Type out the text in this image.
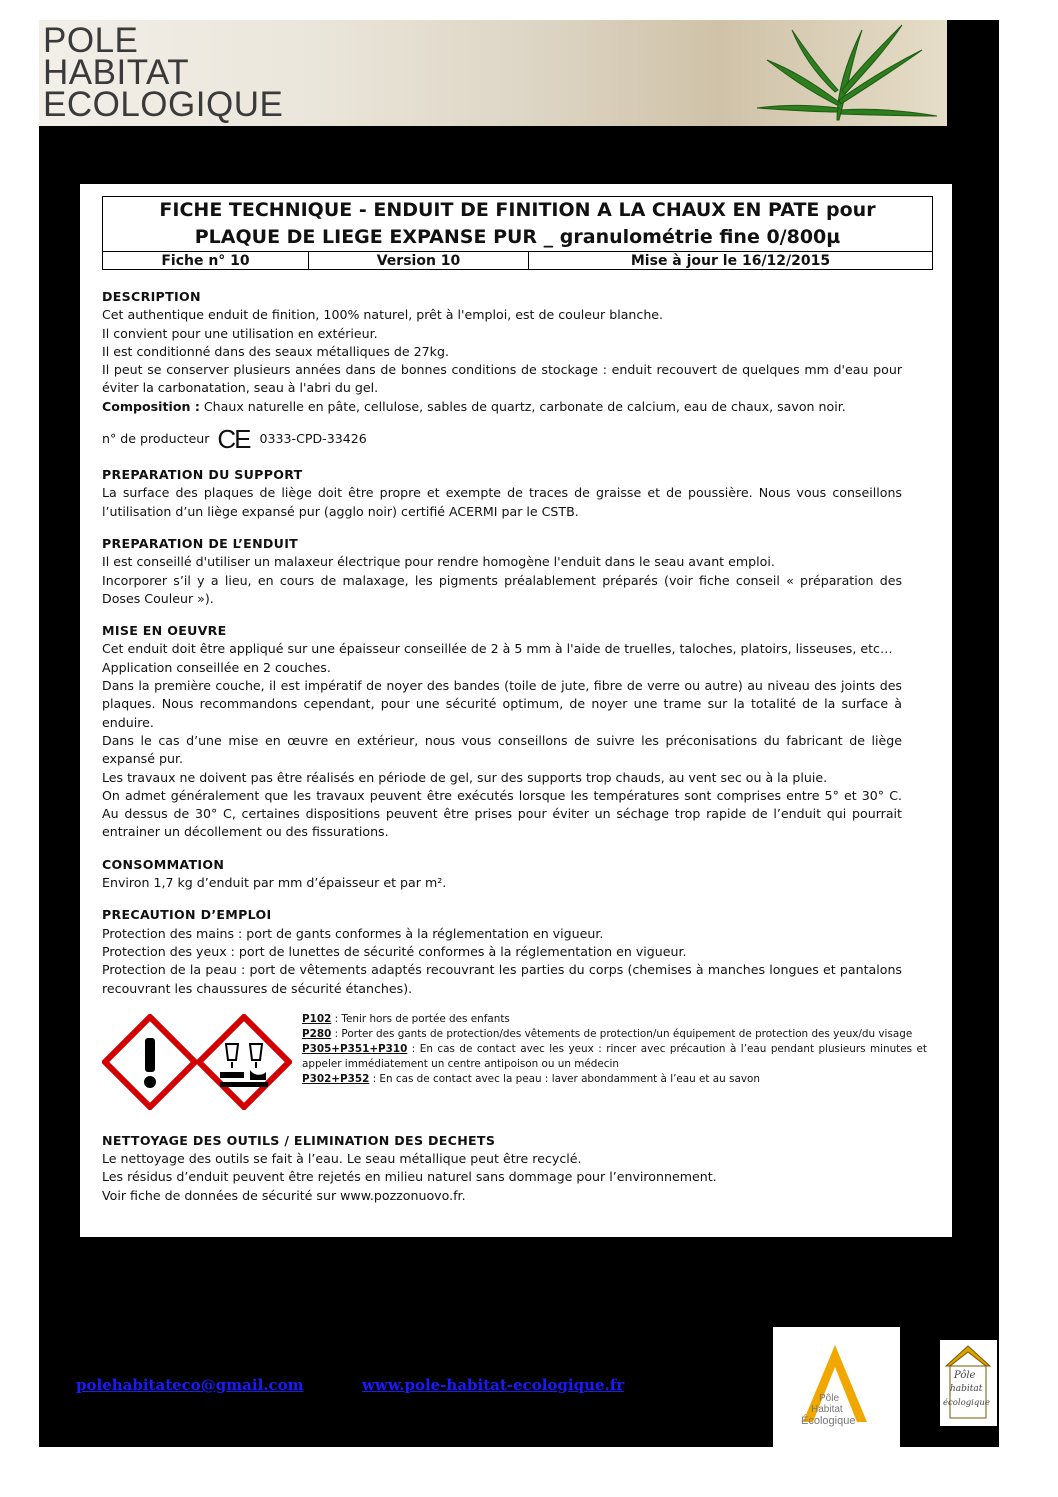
POLE
HABITAT
ECOLOGIQUE
FICHE TECHNIQUE - ENDUIT DE FINITION A LA CHAUX EN PATE pour
PLAQUE DE LIEGE EXPANSE PUR _ granulométrie fine 0/800µ

Fiche n° 10	Version 10	Mise à jour le 16/12/2015
DESCRIPTION
Cet authentique enduit de finition, 100% naturel, prêt à l'emploi, est de couleur blanche.
Il convient pour une utilisation en extérieur.
Il est conditionné dans des seaux métalliques de 27kg.
Il peut se conserver plusieurs années dans de bonnes conditions de stockage : enduit recouvert de quelques mm d'eau pour éviter la carbonatation, seau à l'abri du gel.
Composition : Chaux naturelle en pâte, cellulose, sables de quartz, carbonate de calcium, eau de chaux, savon noir.
n° de producteur CE 0333-CPD-33426
PREPARATION DU SUPPORT
La surface des plaques de liège doit être propre et exempte de traces de graisse et de poussière. Nous vous conseillons l’utilisation d’un liège expansé pur (agglo noir) certifié ACERMI par le CSTB.
PREPARATION DE L’ENDUIT
Il est conseillé d'utiliser un malaxeur électrique pour rendre homogène l'enduit dans le seau avant emploi.
Incorporer s’il y a lieu, en cours de malaxage, les pigments préalablement préparés (voir fiche conseil « préparation des Doses Couleur »).
MISE EN OEUVRE
Cet enduit doit être appliqué sur une épaisseur conseillée de 2 à 5 mm à l'aide de truelles, taloches, platoirs, lisseuses, etc…
Application conseillée en 2 couches.
Dans la première couche, il est impératif de noyer des bandes (toile de jute, fibre de verre ou autre) au niveau des joints des plaques. Nous recommandons cependant, pour une sécurité optimum, de noyer une trame sur la totalité de la surface à enduire.
Dans le cas d’une mise en œuvre en extérieur, nous vous conseillons de suivre les préconisations du fabricant de liège expansé pur.
Les travaux ne doivent pas être réalisés en période de gel, sur des supports trop chauds, au vent sec ou à la pluie.
On admet généralement que les travaux peuvent être exécutés lorsque les températures sont comprises entre 5° et 30° C. Au dessus de 30° C, certaines dispositions peuvent être prises pour éviter un séchage trop rapide de l’enduit qui pourrait entrainer un décollement ou des fissurations.
CONSOMMATION
Environ 1,7 kg d’enduit par mm d’épaisseur et par m².
PRECAUTION D’EMPLOI
Protection des mains : port de gants conformes à la réglementation en vigueur.
Protection des yeux : port de lunettes de sécurité conformes à la réglementation en vigueur.
Protection de la peau : port de vêtements adaptés recouvrant les parties du corps (chemises à manches longues et pantalons recouvrant les chaussures de sécurité étanches).
P102 : Tenir hors de portée des enfants
P280 : Porter des gants de protection/des vêtements de protection/un équipement de protection des yeux/du visage
P305+P351+P310 : En cas de contact avec les yeux : rincer avec précaution à l’eau pendant plusieurs minutes et appeler immédiatement un centre antipoison ou un médecin
P302+P352 : En cas de contact avec la peau : laver abondamment à l’eau et au savon
NETTOYAGE DES OUTILS / ELIMINATION DES DECHETS
Le nettoyage des outils se fait à l’eau. Le seau métallique peut être recyclé.
Les résidus d’enduit peuvent être rejetés en milieu naturel sans dommage pour l’environnement.
Voir fiche de données de sécurité sur www.pozzonuovo.fr.
polehabitateco@gmail.com	www.pole-habitat-ecologique.fr
Pôle
Habitat
Écologique
Pôle
habitat
écologique
